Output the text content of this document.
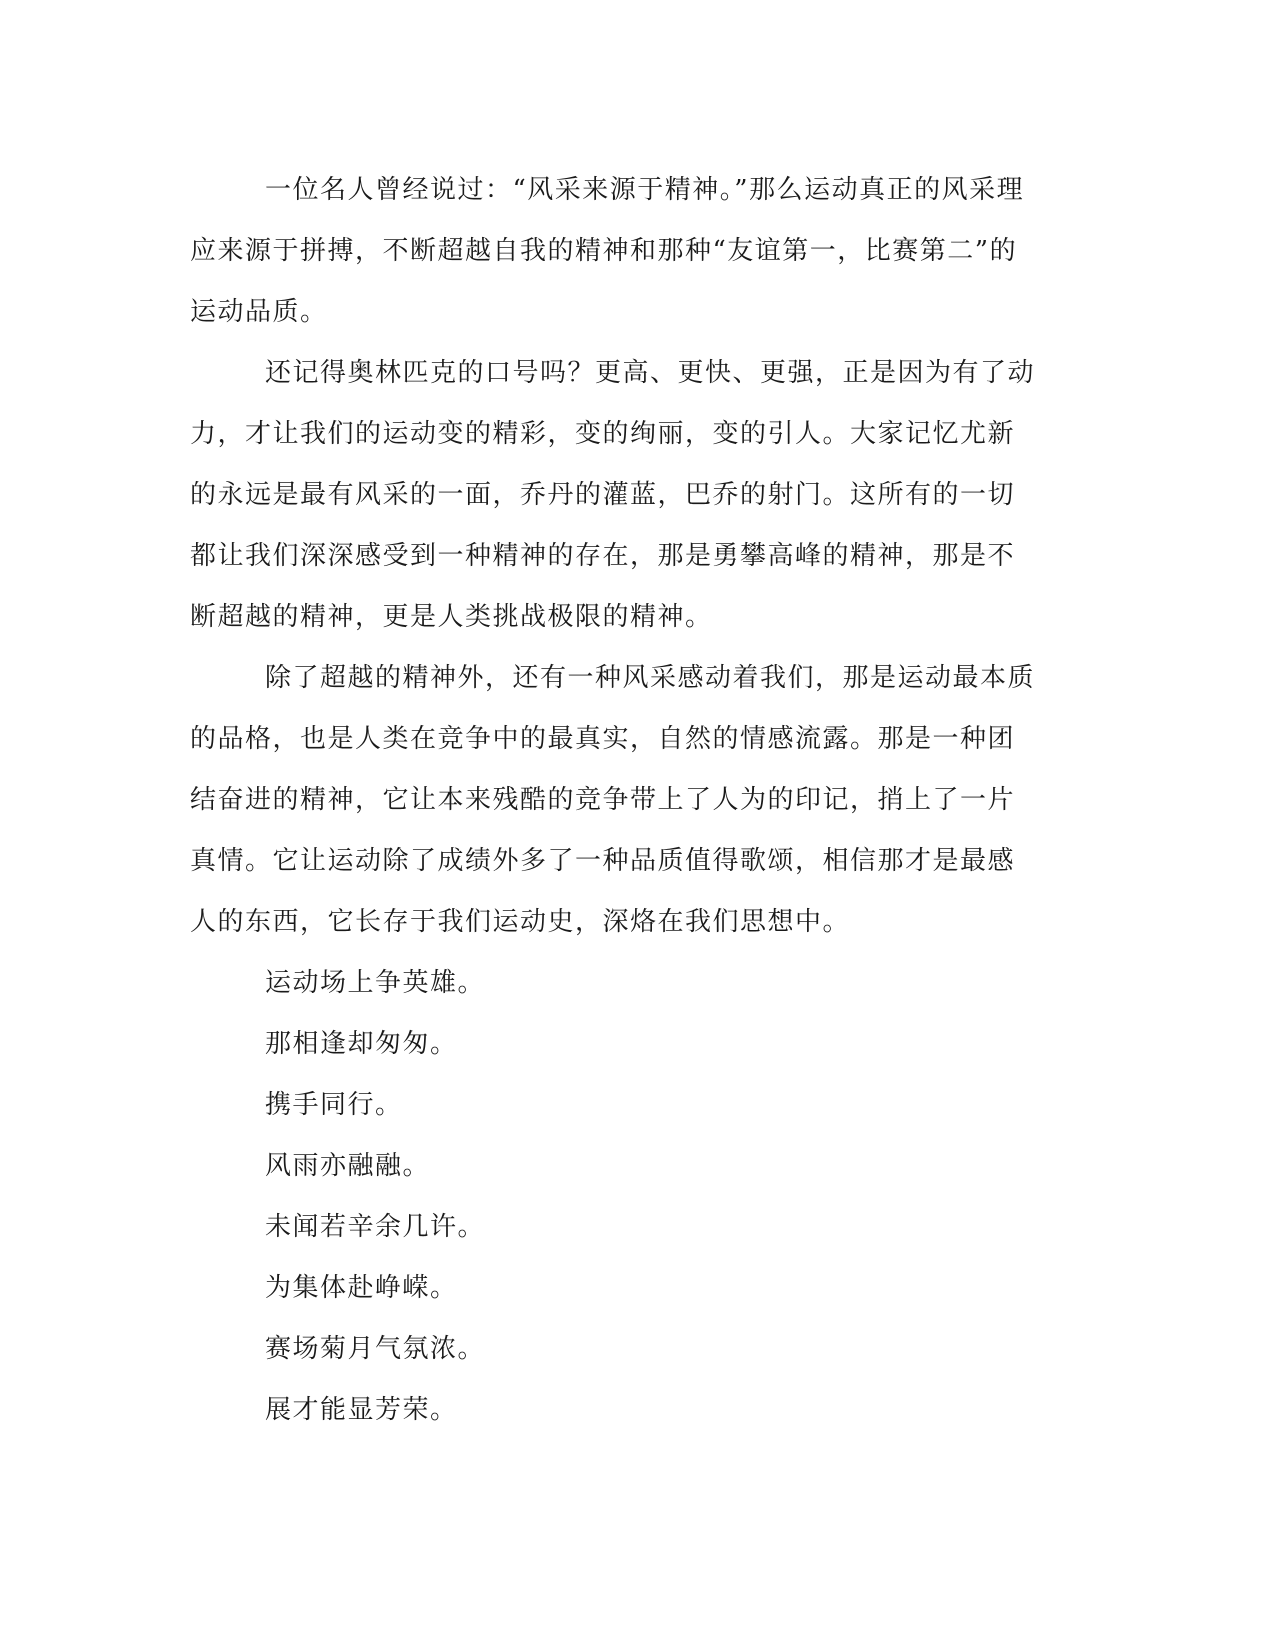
一位名人曾经说过：“风采来源于精神。”那么运动真正的风采理
应来源于拼搏，不断超越自我的精神和那种“友谊第一，比赛第二”的
运动品质。

还记得奥林匹克的口号吗？更高、更快、更强，正是因为有了动
力，才让我们的运动变的精彩，变的绚丽，变的引人。大家记忆尤新
的永远是最有风采的一面，乔丹的灌蓝，巴乔的射门。这所有的一切
都让我们深深感受到一种精神的存在，那是勇攀高峰的精神，那是不
断超越的精神，更是人类挑战极限的精神。

除了超越的精神外，还有一种风采感动着我们，那是运动最本质
的品格，也是人类在竞争中的最真实，自然的情感流露。那是一种团
结奋进的精神，它让本来残酷的竞争带上了人为的印记，捎上了一片
真情。它让运动除了成绩外多了一种品质值得歌颂，相信那才是最感
人的东西，它长存于我们运动史，深烙在我们思想中。

运动场上争英雄。

那相逢却匆匆。

携手同行。

风雨亦融融。

未闻若辛余几许。

为集体赴峥嵘。

赛场菊月气氛浓。

展才能显芳荣。
